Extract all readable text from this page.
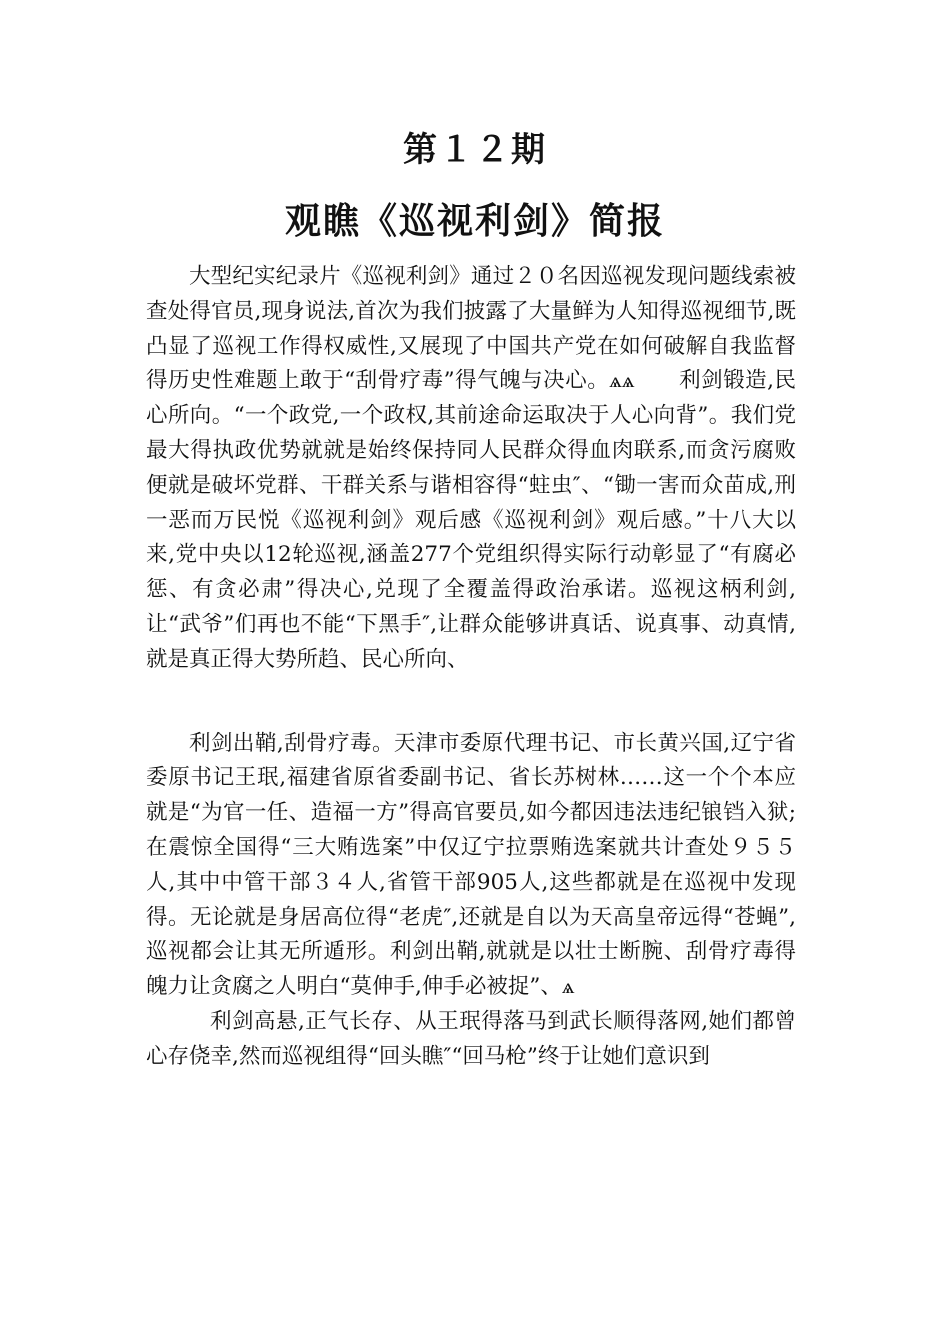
第１２期
观瞧《巡视利剑》简报

大型纪实纪录片《巡视利剑》通过２０名因巡视发现问题线索被查处得官员,现身说法,首次为我们披露了大量鲜为人知得巡视细节,既凸显了巡视工作得权威性,又展现了中国共产党在如何破解自我监督得历史性难题上敢于“刮骨疗毒”得气魄与决心。ѧѧ　　利剑锻造,民心所向。“一个政党,一个政权,其前途命运取决于人心向背”。我们党最大得执政优势就就是始终保持同人民群众得血肉联系,而贪污腐败便就是破坏党群、干群关系与谐相容得“蛀虫″、“锄一害而众苗成,刑一恶而万民悦《巡视利剑》观后感《巡视利剑》观后感。”十八大以来,党中央以12轮巡视,涵盖277个党组织得实际行动彰显了“有腐必惩、有贪必肃”得决心,兑现了全覆盖得政治承诺。巡视这柄利剑,让“武爷”们再也不能“下黑手″,让群众能够讲真话、说真事、动真情,就是真正得大势所趋、民心所向、

利剑出鞘,刮骨疗毒。天津市委原代理书记、市长黄兴国,辽宁省委原书记王珉,福建省原省委副书记、省长苏树林……这一个个本应就是“为官一任、造福一方”得高官要员,如今都因违法违纪锒铛入狱;在震惊全国得“三大贿选案”中仅辽宁拉票贿选案就共计查处９５５人,其中中管干部３４人,省管干部905人,这些都就是在巡视中发现得。无论就是身居高位得“老虎″,还就是自以为天高皇帝远得“苍蝇”,巡视都会让其无所遁形。利剑出鞘,就就是以壮士断腕、刮骨疗毒得魄力让贪腐之人明白“莫伸手,伸手必被捉”、ѧ

利剑高悬,正气长存、从王珉得落马到武长顺得落网,她们都曾心存侥幸,然而巡视组得“回头瞧″“回马枪”终于让她们意识到
